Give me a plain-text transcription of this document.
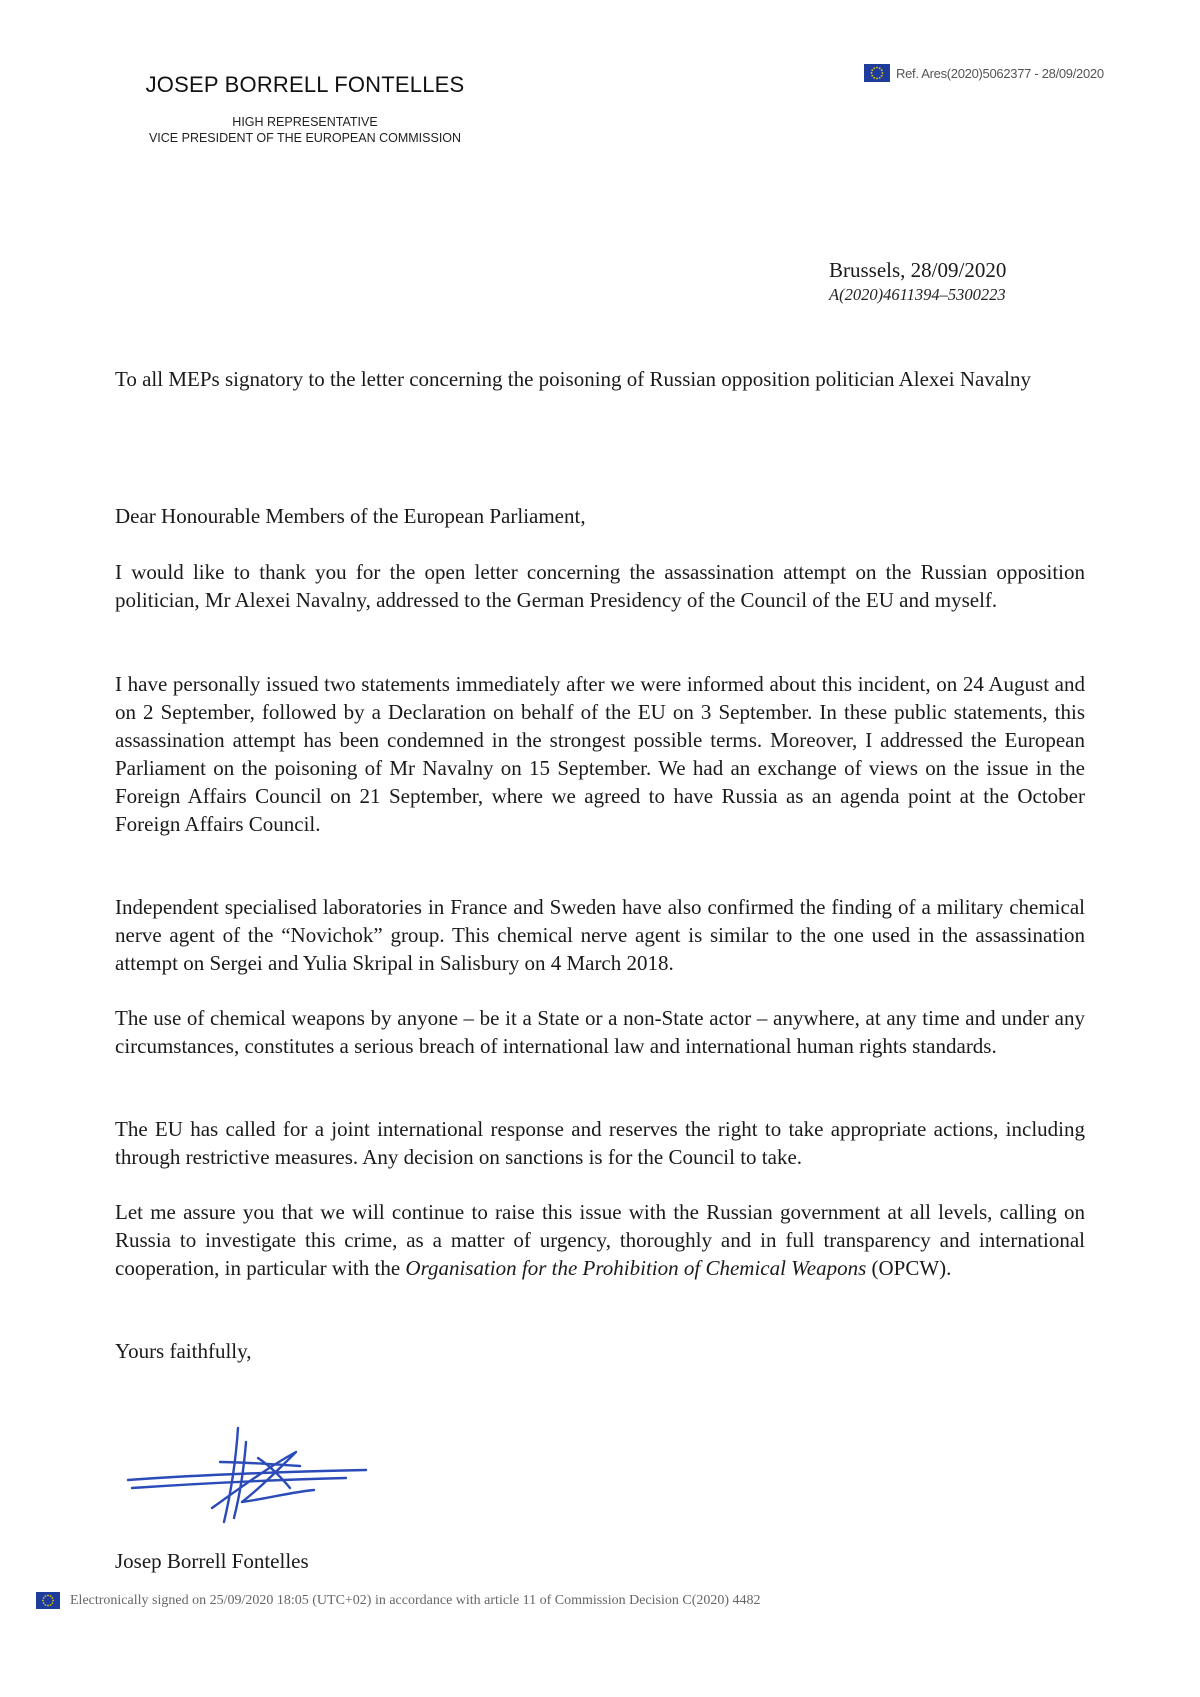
JOSEP BORRELL FONTELLES
HIGH REPRESENTATIVE
VICE PRESIDENT OF THE EUROPEAN COMMISSION
Ref. Ares(2020)5062377 - 28/09/2020
Brussels, 28/09/2020
A(2020)4611394–5300223
To all MEPs signatory to the letter concerning the poisoning of Russian opposition politician Alexei Navalny
Dear Honourable Members of the European Parliament,

I would like to thank you for the open letter concerning the assassination attempt on the Russian opposition politician, Mr Alexei Navalny, addressed to the German Presidency of the Council of the EU and myself.

I have personally issued two statements immediately after we were informed about this incident, on 24 August and on 2 September, followed by a Declaration on behalf of the EU on 3 September. In these public statements, this assassination attempt has been condemned in the strongest possible terms. Moreover, I addressed the European Parliament on the poisoning of Mr Navalny on 15 September. We had an exchange of views on the issue in the Foreign Affairs Council on 21 September, where we agreed to have Russia as an agenda point at the October Foreign Affairs Council.

Independent specialised laboratories in France and Sweden have also confirmed the finding of a military chemical nerve agent of the “Novichok” group. This chemical nerve agent is similar to the one used in the assassination attempt on Sergei and Yulia Skripal in Salisbury on 4 March 2018.

The use of chemical weapons by anyone – be it a State or a non-State actor – anywhere, at any time and under any circumstances, constitutes a serious breach of international law and international human rights standards.

The EU has called for a joint international response and reserves the right to take appropriate actions, including through restrictive measures. Any decision on sanctions is for the Council to take.

Let me assure you that we will continue to raise this issue with the Russian government at all levels, calling on Russia to investigate this crime, as a matter of urgency, thoroughly and in full transparency and international cooperation, in particular with the Organisation for the Prohibition of Chemical Weapons (OPCW).

Yours faithfully,
Josep Borrell Fontelles
Electronically signed on 25/09/2020 18:05 (UTC+02) in accordance with article 11 of Commission Decision C(2020) 4482
